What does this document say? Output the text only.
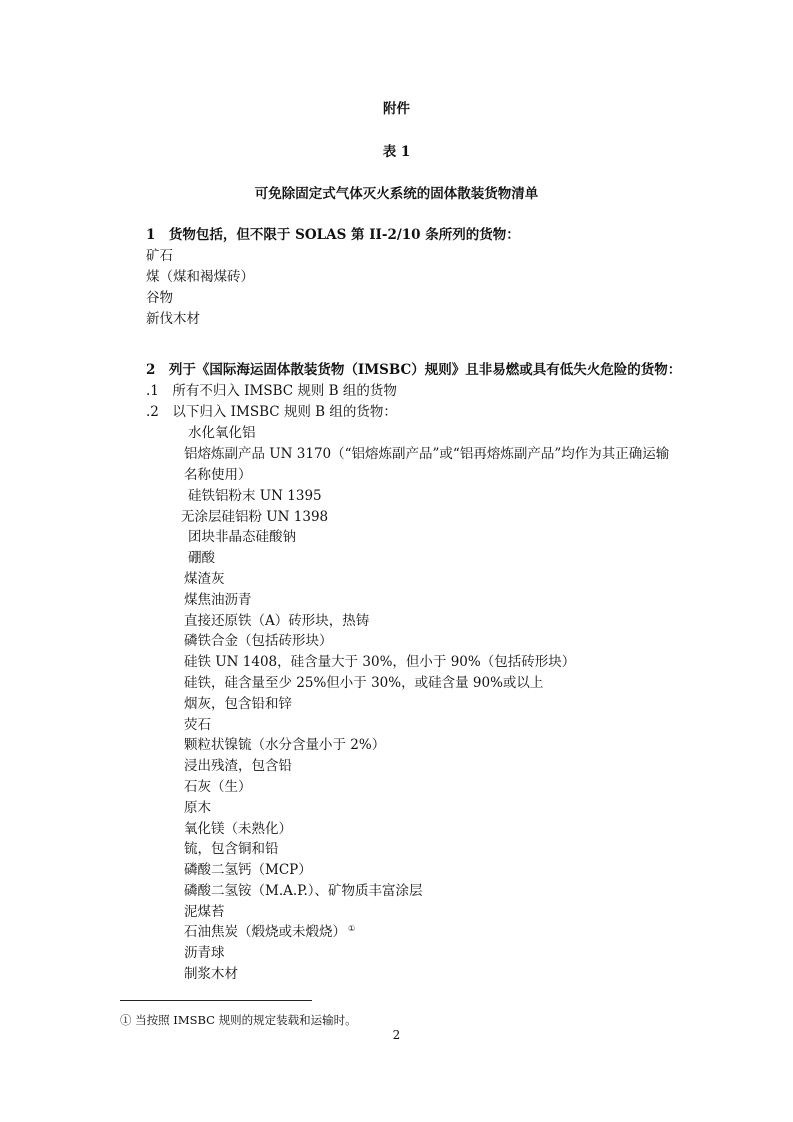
附件
表 1
可免除固定式气体灭火系统的固体散装货物清单
1　货物包括，但不限于 SOLAS 第 II-2/10 条所列的货物：
矿石
煤（煤和褐煤砖）
谷物
新伐木材
2　列于《国际海运固体散装货物（IMSBC）规则》且非易燃或具有低失火危险的货物：
.1　所有不归入 IMSBC 规则 B 组的货物
.2　以下归入 IMSBC 规则 B 组的货物：
水化氧化铝
铝熔炼副产品 UN 3170（“铝熔炼副产品”或“铝再熔炼副产品”均作为其正确运输
名称使用）
硅铁铝粉末 UN 1395
无涂层硅铝粉 UN 1398
团块非晶态硅酸钠
硼酸
煤渣灰
煤焦油沥青
直接还原铁（A）砖形块，热铸
磷铁合金（包括砖形块）
硅铁 UN 1408，硅含量大于 30%，但小于 90%（包括砖形块）
硅铁，硅含量至少 25%但小于 30%，或硅含量 90%或以上
烟灰，包含铅和锌
荧石
颗粒状镍锍（水分含量小于 2%）
浸出残渣，包含铅
石灰（生）
原木
氧化镁（未熟化）
锍，包含铜和铅
磷酸二氢钙（MCP）
磷酸二氢铵（M.A.P.）、矿物质丰富涂层
泥煤苔
石油焦炭（煅烧或未煅烧） ①
沥青球
制浆木材
① 当按照 IMSBC 规则的规定装载和运输时。
2
